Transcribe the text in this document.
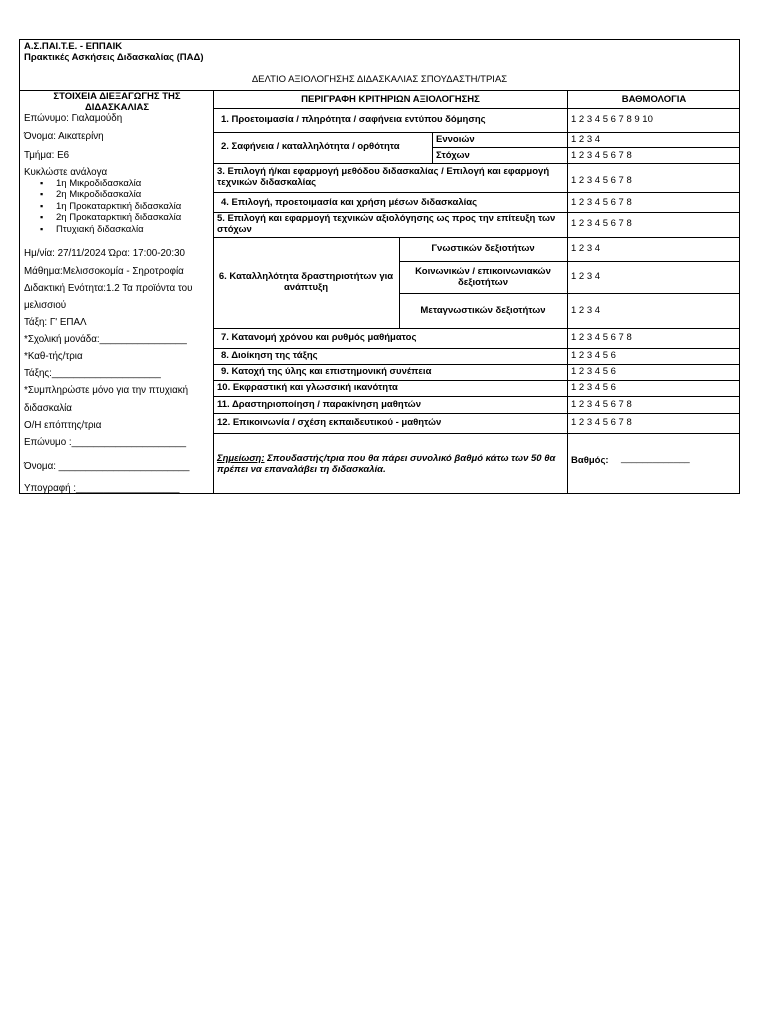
Α.Σ.ΠΑΙ.Τ.Ε. - ΕΠΠΑΙΚ
Πρακτικές Ασκήσεις Διδασκαλίας (ΠΑΔ)
ΔΕΛΤΙΟ ΑΞΙΟΛΟΓΗΣΗΣ ΔΙΔΑΣΚΑΛΙΑΣ ΣΠΟΥΔΑΣΤΗ/ΤΡΙΑΣ
ΣΤΟΙΧΕΙΑ ΔΙΕΞΑΓΩΓΗΣ ΤΗΣ ΔΙΔΑΣΚΑΛΙΑΣ
ΠΕΡΙΓΡΑΦΗ ΚΡΙΤΗΡΙΩΝ ΑΞΙΟΛΟΓΗΣΗΣ	ΒΑΘΜΟΛΟΓΙΑ
Επώνυμο: Γιαλαμούδη
Όνομα: Αικατερίνη
Τμήμα: Ε6
Κυκλώστε ανάλογα
▪ 1η Μικροδιδασκαλία
▪ 2η Μικροδιδασκαλία
▪ 1η Προκαταρκτική διδασκαλία
▪ 2η Προκαταρκτική διδασκαλία
▪ Πτυχιακή διδασκαλία
Ημ/νία: 27/11/2024 Ώρα: 17:00-20:30
Μάθημα:Μελισσοκομία - Σηροτροφία
Διδακτική Ενότητα:1.2 Τα προϊόντα του
μελισσιού
Τάξη: Γ' ΕΠΑΛ
*Σχολική μονάδα:________________
*Καθ-τής/τρια
Τάξης:____________________
*Συμπληρώστε μόνο για την πτυχιακή
διδασκαλία
Ο/Η επόπτης/τρια
Επώνυμο :_____________________
Όνομα: ________________________
Υπογραφή :___________________
1. Προετοιμασία / πληρότητα / σαφήνεια εντύπου δόμησης
2. Σαφήνεια / καταλληλότητα / ορθότητα
Εννοιών
Στόχων
3. Επιλογή ή/και εφαρμογή μεθόδου διδασκαλίας / Επιλογή και εφαρμογή τεχνικών διδασκαλίας
4. Επιλογή, προετοιμασία και χρήση μέσων διδασκαλίας
5. Επιλογή και εφαρμογή τεχνικών αξιολόγησης ως προς την επίτευξη των στόχων
6. Καταλληλότητα δραστηριοτήτων για ανάπτυξη
Γνωστικών δεξιοτήτων
Κοινωνικών / επικοινωνιακών δεξιοτήτων
Μεταγνωστικών δεξιοτήτων
7. Κατανομή χρόνου και ρυθμός μαθήματος
8. Διοίκηση της τάξης
9. Κατοχή της ύλης και επιστημονική συνέπεια
10. Εκφραστική και γλωσσική ικανότητα
11. Δραστηριοποίηση / παρακίνηση μαθητών
12. Επικοινωνία / σχέση εκπαιδευτικού - μαθητών
1 2 3 4 5 6 7 8 9 10
1 2 3 4
1 2 3 4 5 6 7 8
1 2 3 4 5 6 7 8
1 2 3 4 5 6 7 8
1 2 3 4 5 6 7 8
1 2 3 4
1 2 3 4
1 2 3 4
1 2 3 4 5 6 7 8
1 2 3 4 5 6
1 2 3 4 5 6
1 2 3 4 5 6
1 2 3 4 5 6 7 8
1 2 3 4 5 6 7 8
Σημείωση: Σπουδαστής/τρια που θα πάρει συνολικό βαθμό κάτω των 50 θα πρέπει να επαναλάβει τη διδασκαλία.
Βαθμός: _____________
